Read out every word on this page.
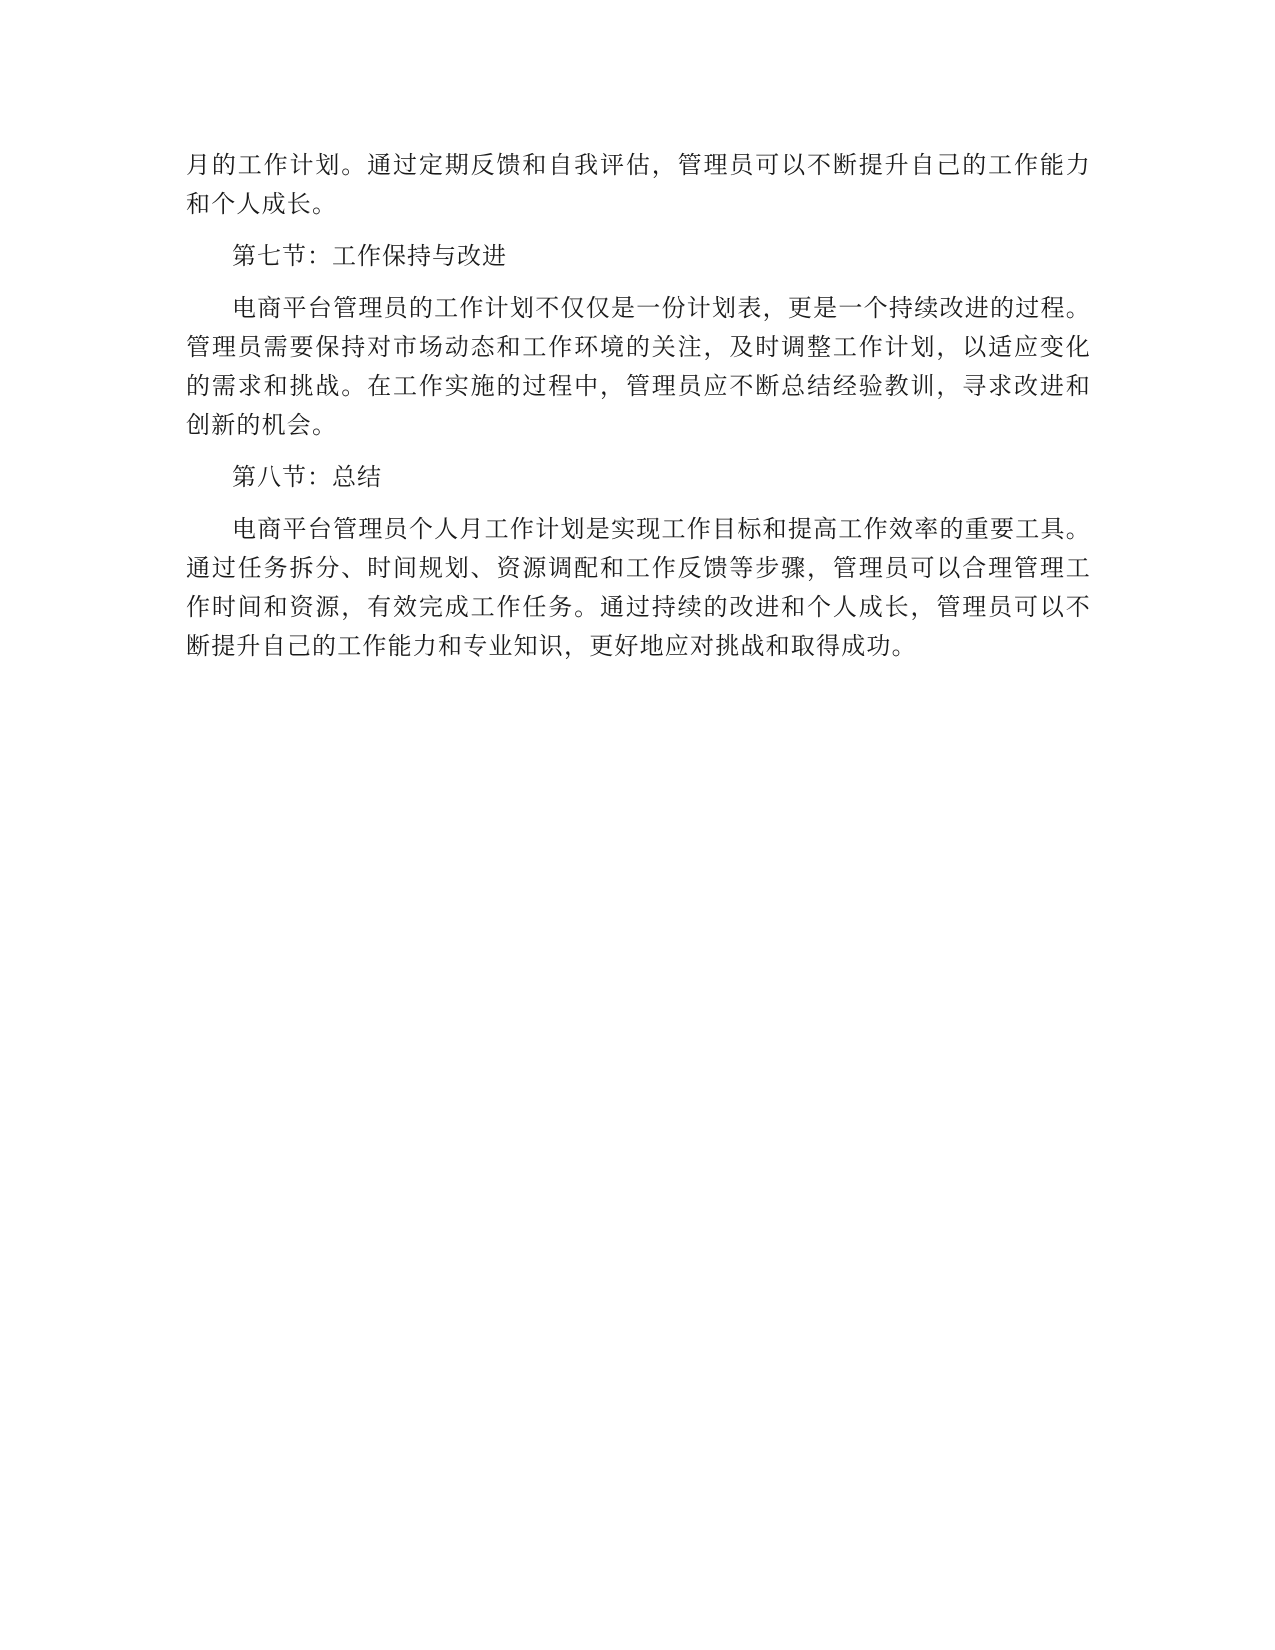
月的工作计划。通过定期反馈和自我评估，管理员可以不断提升自己的工作能力和个人成长。

第七节：工作保持与改进

电商平台管理员的工作计划不仅仅是一份计划表，更是一个持续改进的过程。管理员需要保持对市场动态和工作环境的关注，及时调整工作计划，以适应变化的需求和挑战。在工作实施的过程中，管理员应不断总结经验教训，寻求改进和创新的机会。

第八节：总结

电商平台管理员个人月工作计划是实现工作目标和提高工作效率的重要工具。通过任务拆分、时间规划、资源调配和工作反馈等步骤，管理员可以合理管理工作时间和资源，有效完成工作任务。通过持续的改进和个人成长，管理员可以不断提升自己的工作能力和专业知识，更好地应对挑战和取得成功。
